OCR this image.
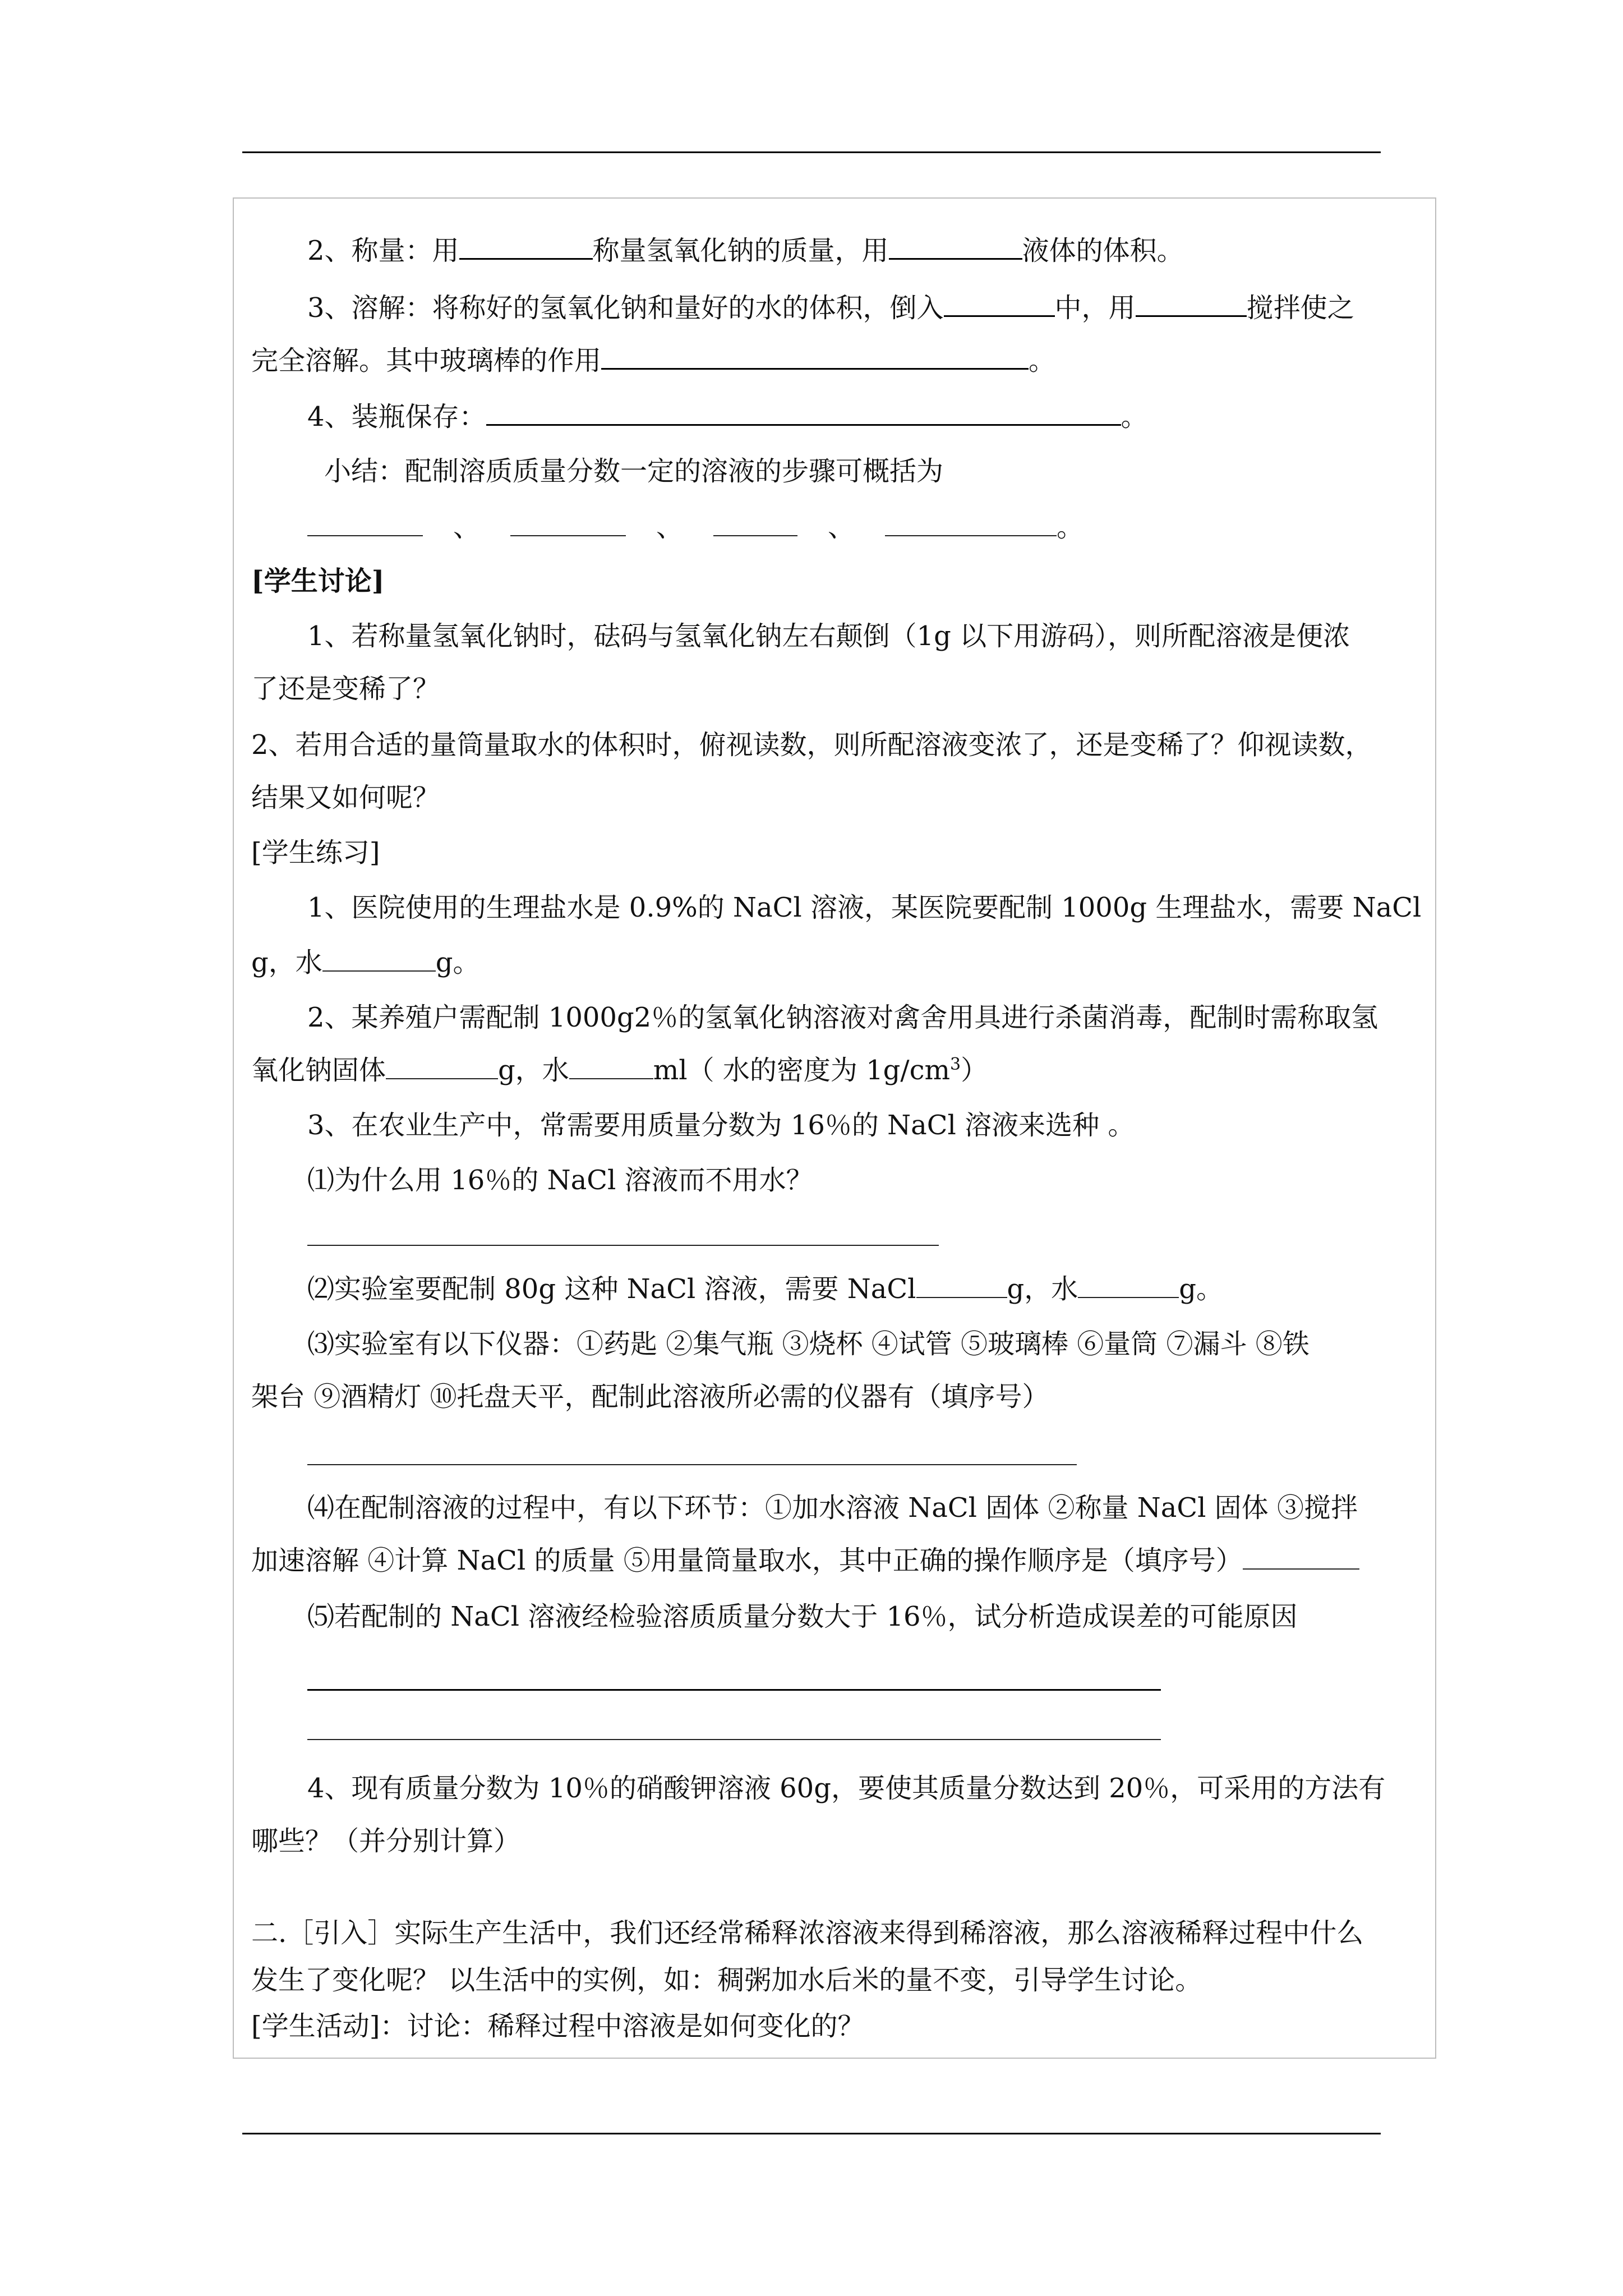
2、称量：用	称量氢氧化钠的质量，用	液体的体积。
3、溶解：将称好的氢氧化钠和量好的水的体积，倒入	中，用	搅拌使之
完全溶解。其中玻璃棒的作用	。
4、装瓶保存：	。
小结：配制溶质质量分数一定的溶液的步骤可概括为
、	、	、	。
[学生讨论]
1、若称量氢氧化钠时，砝码与氢氧化钠左右颠倒（1g 以下用游码），则所配溶液是便浓
了还是变稀了？
2、若用合适的量筒量取水的体积时，俯视读数，则所配溶液变浓了，还是变稀了？仰视读数，
结果又如何呢？
[学生练习]
1、医院使用的生理盐水是 0.9%的 NaCl 溶液，某医院要配制 1000g 生理盐水，需要 NaCl
g，水	g。
2、某养殖户需配制 1000g2％的氢氧化钠溶液对禽舍用具进行杀菌消毒，配制时需称取氢
氧化钠固体	g，水	ml（ 水的密度为 $1g/cm^3$）
3、在农业生产中，常需要用质量分数为 16％的 NaCl 溶液来选种 。
⑴为什么用 16％的 NaCl 溶液而不用水？
⑵实验室要配制 80g 这种 NaCl 溶液，需要 NaCl	g，水	g。
⑶实验室有以下仪器：①药匙 ②集气瓶 ③烧杯 ④试管 ⑤玻璃棒 ⑥量筒 ⑦漏斗 ⑧铁
架台 ⑨酒精灯 ⑩托盘天平，配制此溶液所必需的仪器有（填序号）
⑷在配制溶液的过程中，有以下环节：①加水溶液 NaCl 固体 ②称量 NaCl 固体 ③搅拌
加速溶解 ④计算 NaCl 的质量 ⑤用量筒量取水，其中正确的操作顺序是（填序号）
⑸若配制的 NaCl 溶液经检验溶质质量分数大于 16％，试分析造成误差的可能原因
4、现有质量分数为 10％的硝酸钾溶液 60g，要使其质量分数达到 20％，可采用的方法有
哪些？（并分别计算）
二.［引入］实际生产生活中，我们还经常稀释浓溶液来得到稀溶液，那么溶液稀释过程中什么
发生了变化呢？ 以生活中的实例，如：稠粥加水后米的量不变，引导学生讨论。
[学生活动]：讨论：稀释过程中溶液是如何变化的？
